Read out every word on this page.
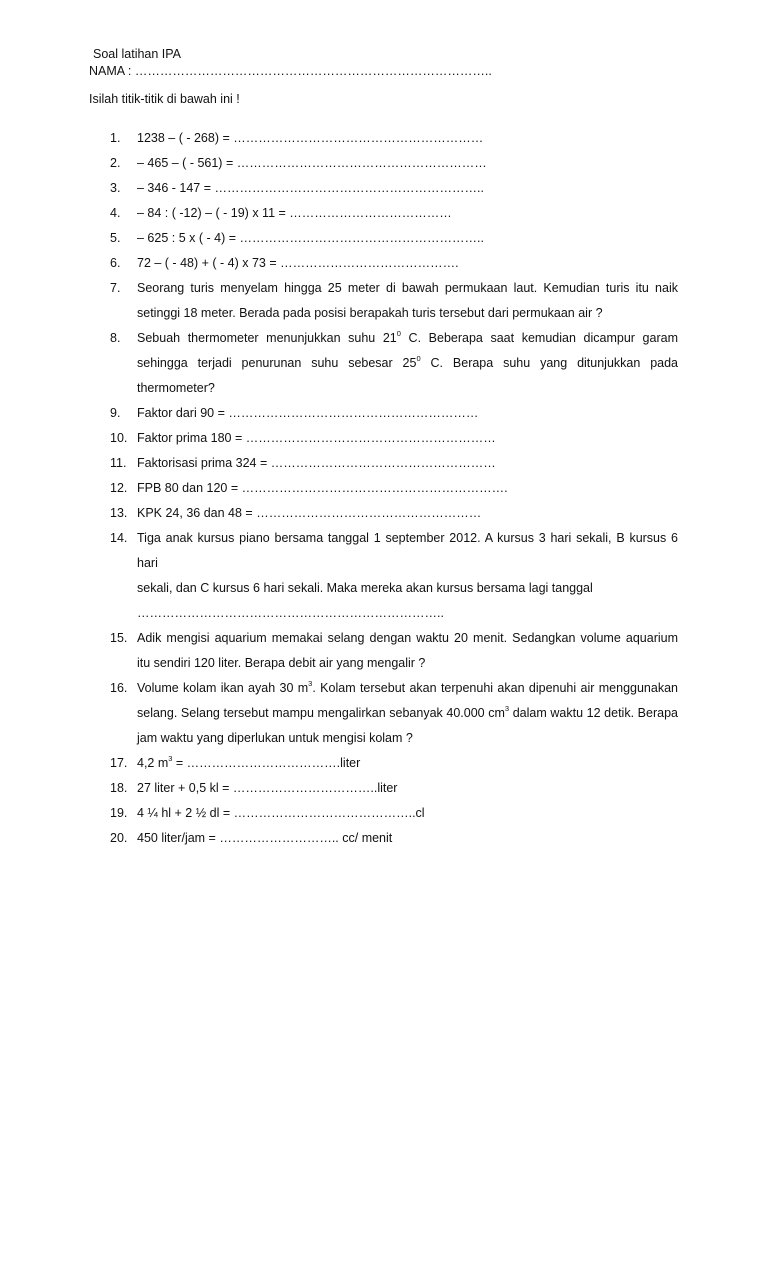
Soal latihan IPA
NAMA : …………………………………………………………………………..
Isilah titik-titik di bawah ini !
1.	1238 – ( - 268) = ……………………………………………………
2.	– 465 – ( - 561) = ……………………………………………………
3.	– 346 - 147 = ………………………………………………………..
4.	– 84 : ( -12) – ( - 19) x 11 = …………………………………
5.	– 625 : 5 x ( - 4) = …………………………………………………..
6.	72 – ( - 48) + ( - 4) x 73 = …………………………………….
7.	Seorang turis menyelam hingga 25 meter di bawah permukaan laut. Kemudian turis itu naik
setinggi 18 meter. Berada pada posisi berapakah turis tersebut dari permukaan air ?
8.	Sebuah thermometer menunjukkan suhu $21^0$ C. Beberapa saat kemudian dicampur garam
sehingga terjadi penurunan suhu sebesar $25^0$ C. Berapa suhu yang ditunjukkan pada
thermometer?
9.	Faktor dari 90 = ……………………………………………………
10. Faktor prima 180 = ……………………………………………………
11. Faktorisasi prima 324 = ………………………………………………
12. FPB 80 dan 120 = ……………………………………………………….
13. KPK 24, 36 dan 48 = ………………………………………………
14. Tiga anak kursus piano bersama tanggal 1 september 2012. A kursus 3 hari sekali, B kursus 6 hari
sekali, dan C kursus 6 hari sekali. Maka mereka akan kursus bersama lagi tanggal
………………………………………………………………..
15. Adik mengisi aquarium memakai selang dengan waktu 20 menit. Sedangkan volume aquarium
itu sendiri 120 liter. Berapa debit air yang mengalir ?
16. Volume kolam ikan ayah 30 $m^3$. Kolam tersebut akan terpenuhi akan dipenuhi air menggunakan
selang. Selang tersebut mampu mengalirkan sebanyak 40.000 $cm^3$ dalam waktu 12 detik. Berapa
jam waktu yang diperlukan untuk mengisi kolam ?
17. 4,2 $m^3$ = ……………………………….liter
18. 27 liter + 0,5 kl = ……………………………..liter
19. 4 ¼ hl + 2 ½ dl = ……………………………………..cl
20. 450 liter/jam = ……………………….. cc/ menit
